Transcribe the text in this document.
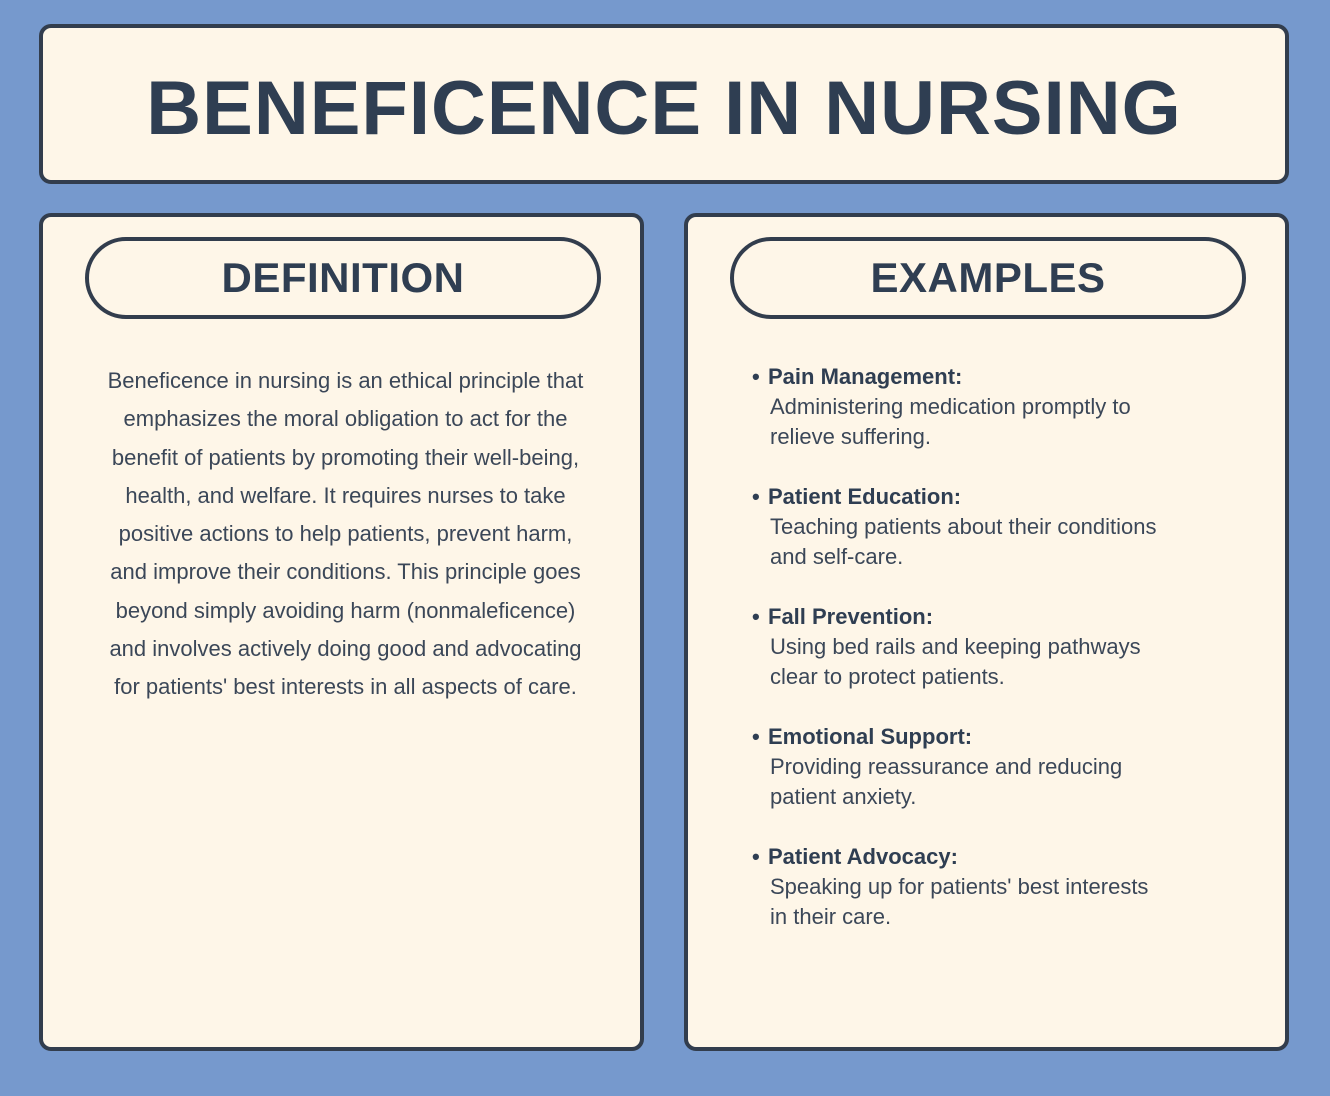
BENEFICENCE IN NURSING
DEFINITION

Beneficence in nursing is an ethical principle that emphasizes the moral obligation to act for the benefit of patients by promoting their well-being, health, and welfare. It requires nurses to take positive actions to help patients, prevent harm, and improve their conditions. This principle goes beyond simply avoiding harm (nonmaleficence) and involves actively doing good and advocating for patients' best interests in all aspects of care.

EXAMPLES
• Pain Management:
Administering medication promptly to relieve suffering.
• Patient Education:
Teaching patients about their conditions and self-care.
• Fall Prevention:
Using bed rails and keeping pathways clear to protect patients.
• Emotional Support:
Providing reassurance and reducing patient anxiety.
• Patient Advocacy:
Speaking up for patients' best interests in their care.
